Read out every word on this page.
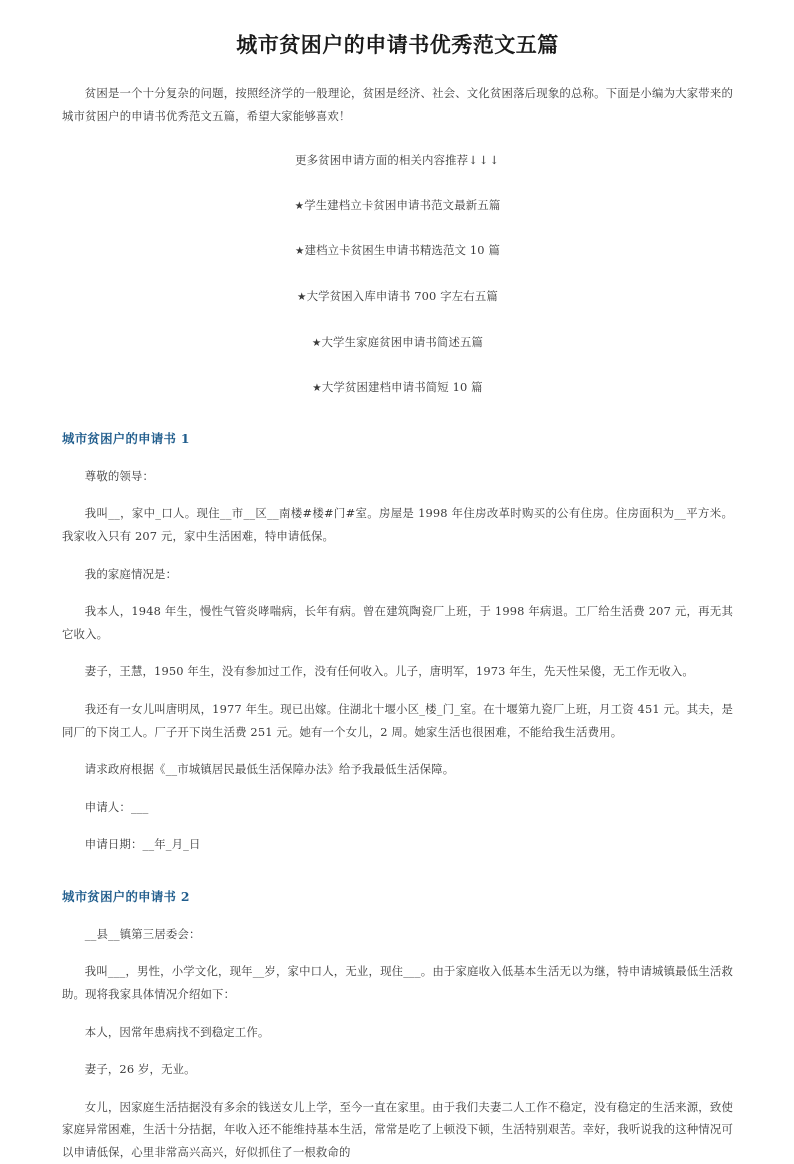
城市贫困户的申请书优秀范文五篇

贫困是一个十分复杂的问题，按照经济学的一般理论，贫困是经济、社会、文化贫困落后现象的总称。下面是小编为大家带来的城市贫困户的申请书优秀范文五篇，希望大家能够喜欢！

更多贫困申请方面的相关内容推荐↓↓↓
★学生建档立卡贫困申请书范文最新五篇
★建档立卡贫困生申请书精选范文 10 篇
★大学贫困入库申请书 700 字左右五篇
★大学生家庭贫困申请书简述五篇
★大学贫困建档申请书简短 10 篇
城市贫困户的申请书 1

尊敬的领导：

我叫__，家中_口人。现住__市__区__南楼#楼#门#室。房屋是 1998 年住房改革时购买的公有住房。住房面积为__平方米。我家收入只有 207 元，家中生活困难，特申请低保。

我的家庭情况是：

我本人，1948 年生，慢性气管炎哮喘病，长年有病。曾在建筑陶瓷厂上班，于 1998 年病退。工厂给生活费 207 元，再无其它收入。

妻子，王慧，1950 年生，没有参加过工作，没有任何收入。儿子，唐明军，1973 年生，先天性呆傻，无工作无收入。

我还有一女儿叫唐明凤，1977 年生。现已出嫁。住湖北十堰小区_楼_门_室。在十堰第九瓷厂上班，月工资 451 元。其夫，是同厂的下岗工人。厂子开下岗生活费 251 元。她有一个女儿，2 周。她家生活也很困难，不能给我生活费用。

请求政府根据《__市城镇居民最低生活保障办法》给予我最低生活保障。

申请人：___

申请日期：__年_月_日

城市贫困户的申请书 2

__县__镇第三居委会：

我叫___，男性，小学文化，现年__岁，家中口人，无业，现住___。由于家庭收入低基本生活无以为继，特申请城镇最低生活救助。现将我家具体情况介绍如下：

本人，因常年患病找不到稳定工作。

妻子，26 岁，无业。

女儿，因家庭生活拮据没有多余的钱送女儿上学，至今一直在家里。由于我们夫妻二人工作不稳定，没有稳定的生活来源，致使家庭异常困难，生活十分拮据，年收入还不能维持基本生活，常常是吃了上顿没下顿，生活特别艰苦。幸好，我听说我的这种情况可以申请低保，心里非常高兴高兴，好似抓住了一根救命的
